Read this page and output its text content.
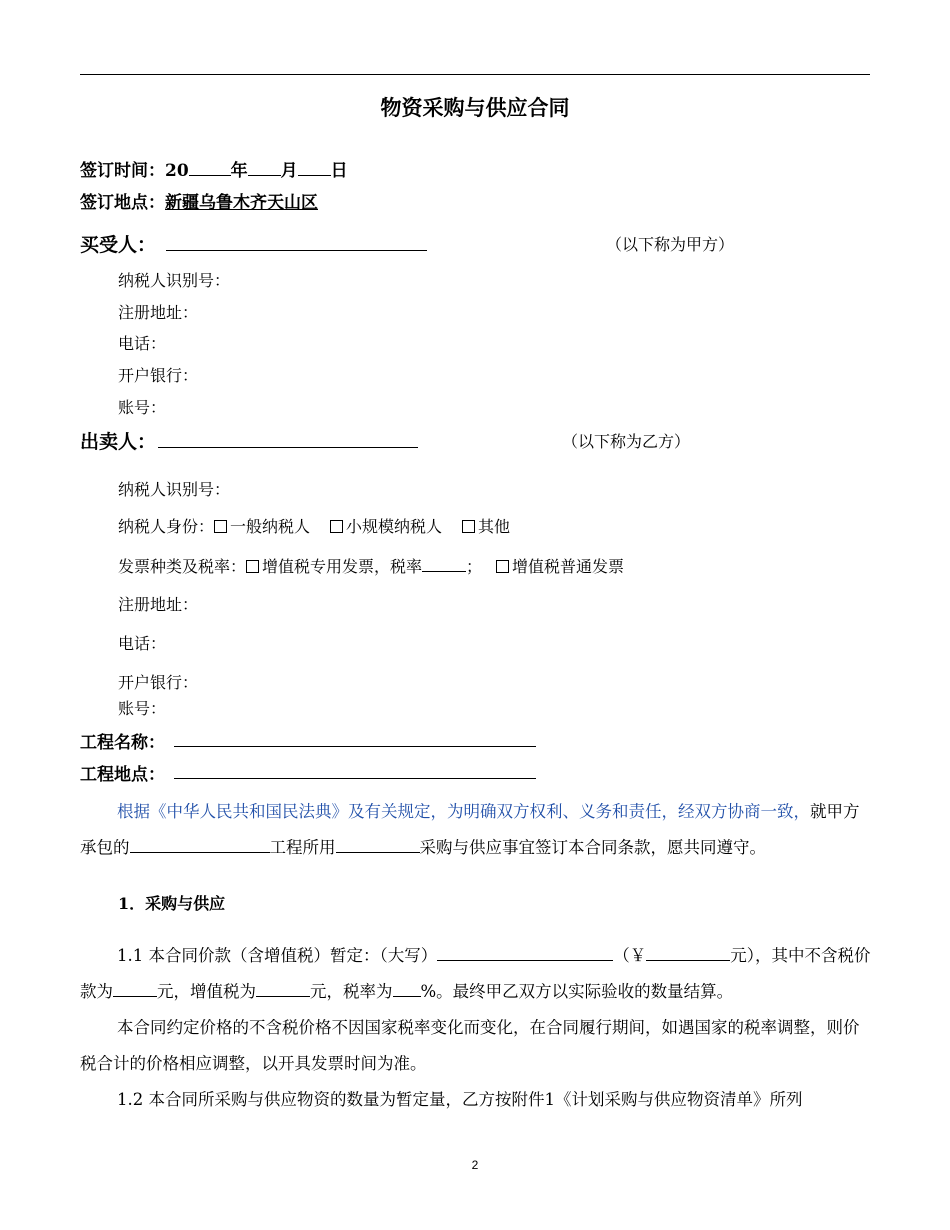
物资采购与供应合同
签订时间：20 年 月 日
签订地点：新疆乌鲁木齐天山区
买受人：	（以下称为甲方）
纳税人识别号：
注册地址：
电话：
开户银行：
账号：
出卖人：	（以下称为乙方）
纳税人识别号：
纳税人身份： 一般纳税人 小规模纳税人 其他
发票种类及税率： 增值税专用发票，税率	； 增值税普通发票
注册地址：
电话：
开户银行：
账号：
工程名称：
工程地点：
根据《中华人民共和国民法典》及有关规定，为明确双方权利、义务和责任，经双方协商一致，就甲方承包的	工程所用	采购与供应事宜签订本合同条款，愿共同遵守。
1．采购与供应
1.1 本合同价款（含增值税）暂定：（大写）	（￥	元），其中不含税价款为	元，增值税为	元，税率为 %。最终甲乙双方以实际验收的数量结算。
本合同约定价格的不含税价格不因国家税率变化而变化，在合同履行期间，如遇国家的税率调整，则价税合计的价格相应调整，以开具发票时间为准。
1.2 本合同所采购与供应物资的数量为暂定量，乙方按附件1《计划采购与供应物资清单》所列
2
